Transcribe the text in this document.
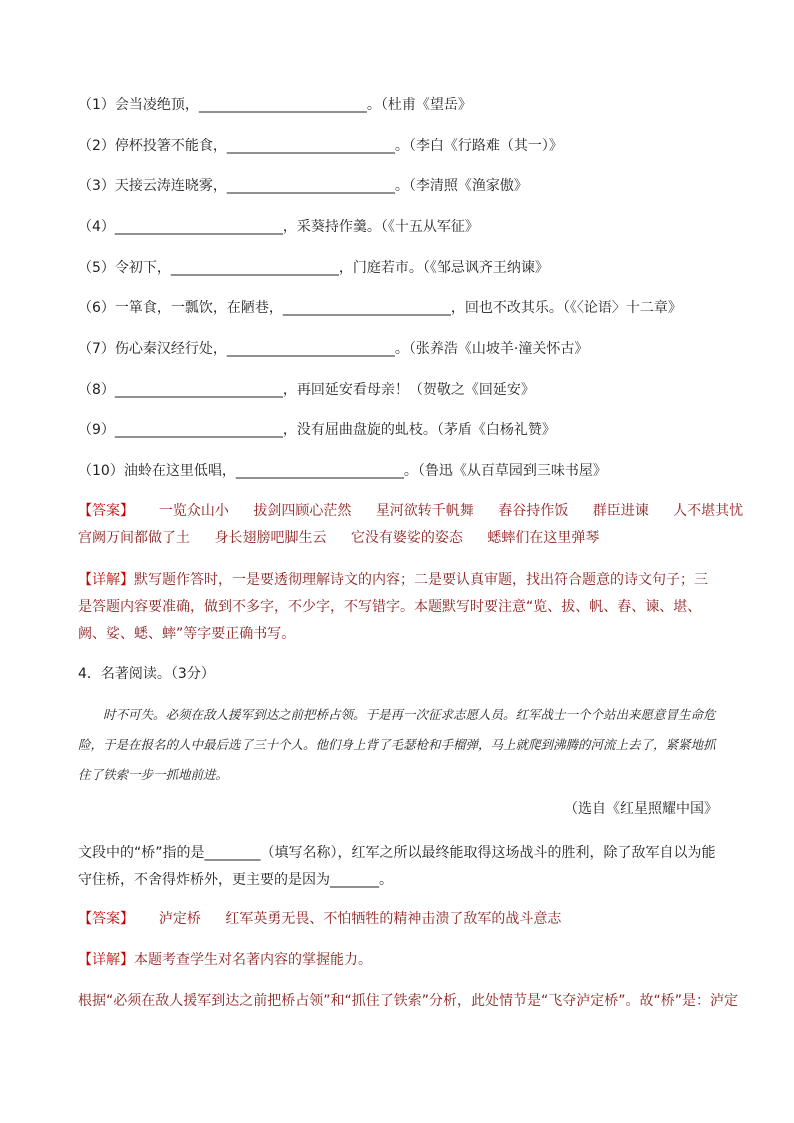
（1）会当凌绝顶，________________________。（杜甫《望岳》
（2）停杯投箸不能食，________________________。（李白《行路难（其一）》
（3）天接云涛连晓雾，________________________。（李清照《渔家傲》
（4）________________________，采葵持作羹。（《十五从军征》
（5）令初下，________________________，门庭若市。（《邹忌讽齐王纳谏》
（6）一箪食，一瓢饮，在陋巷，________________________，回也不改其乐。（《〈论语〉十二章》
（7）伤心秦汉经行处，________________________。（张养浩《山坡羊·潼关怀古》
（8）________________________，再回延安看母亲！（贺敬之《回延安》
（9）________________________，没有屈曲盘旋的虬枝。（茅盾《白杨礼赞》
（10）油蛉在这里低唱，________________________。（鲁迅《从百草园到三味书屋》
【答案】 一览众山小 拔剑四顾心茫然 星河欲转千帆舞 舂谷持作饭 群臣进谏 人不堪其忧
宫阙万间都做了土 身长翅膀吧脚生云 它没有婆娑的姿态 蟋蟀们在这里弹琴
【详解】默写题作答时，一是要透彻理解诗文的内容；二是要认真审题，找出符合题意的诗文句子；三是答题内容要准确，做到不多字，不少字，不写错字。本题默写时要注意“览、拔、帆、舂、谏、堪、阙、娑、蟋、蟀”等字要正确书写。
4．名著阅读。（3分）
时不可失。必须在敌人援军到达之前把桥占领。于是再一次征求志愿人员。红军战士一个个站出来愿意冒生命危险，于是在报名的人中最后选了三十个人。他们身上背了毛瑟枪和手榴弹，马上就爬到沸腾的河流上去了，紧紧地抓住了铁索一步一抓地前进。
（选自《红星照耀中国》
文段中的“桥”指的是________（填写名称），红军之所以最终能取得这场战斗的胜利，除了敌军自以为能守住桥，不舍得炸桥外，更主要的是因为_______。
【答案】 泸定桥 红军英勇无畏、不怕牺牲的精神击溃了敌军的战斗意志
【详解】本题考查学生对名著内容的掌握能力。
根据“必须在敌人援军到达之前把桥占领”和“抓住了铁索”分析，此处情节是“飞夺泸定桥”。故“桥”是：泸定
